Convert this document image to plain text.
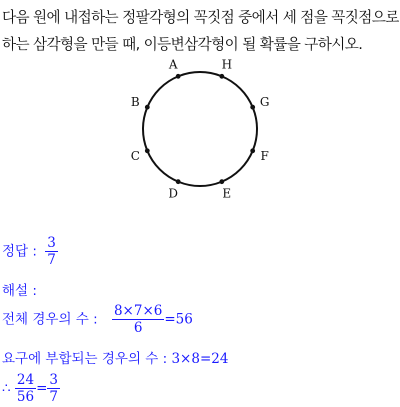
다음 원에 내접하는 정팔각형의 꼭짓점 중에서 세 점을 꼭짓점으로
하는 삼각형을 만들 때, 이등변삼각형이 될 확률을 구하시오.
A	H
G
F
E
D
C
B
정답 : $\frac{3}{7}$
해설 :
전체 경우의 수 : $\frac{8\times 7\times 6}{6} =56$
요구에 부합되는 경우의 수 : 3×8=24
∴ $\frac{24}{56} = \frac{3}{7}$
